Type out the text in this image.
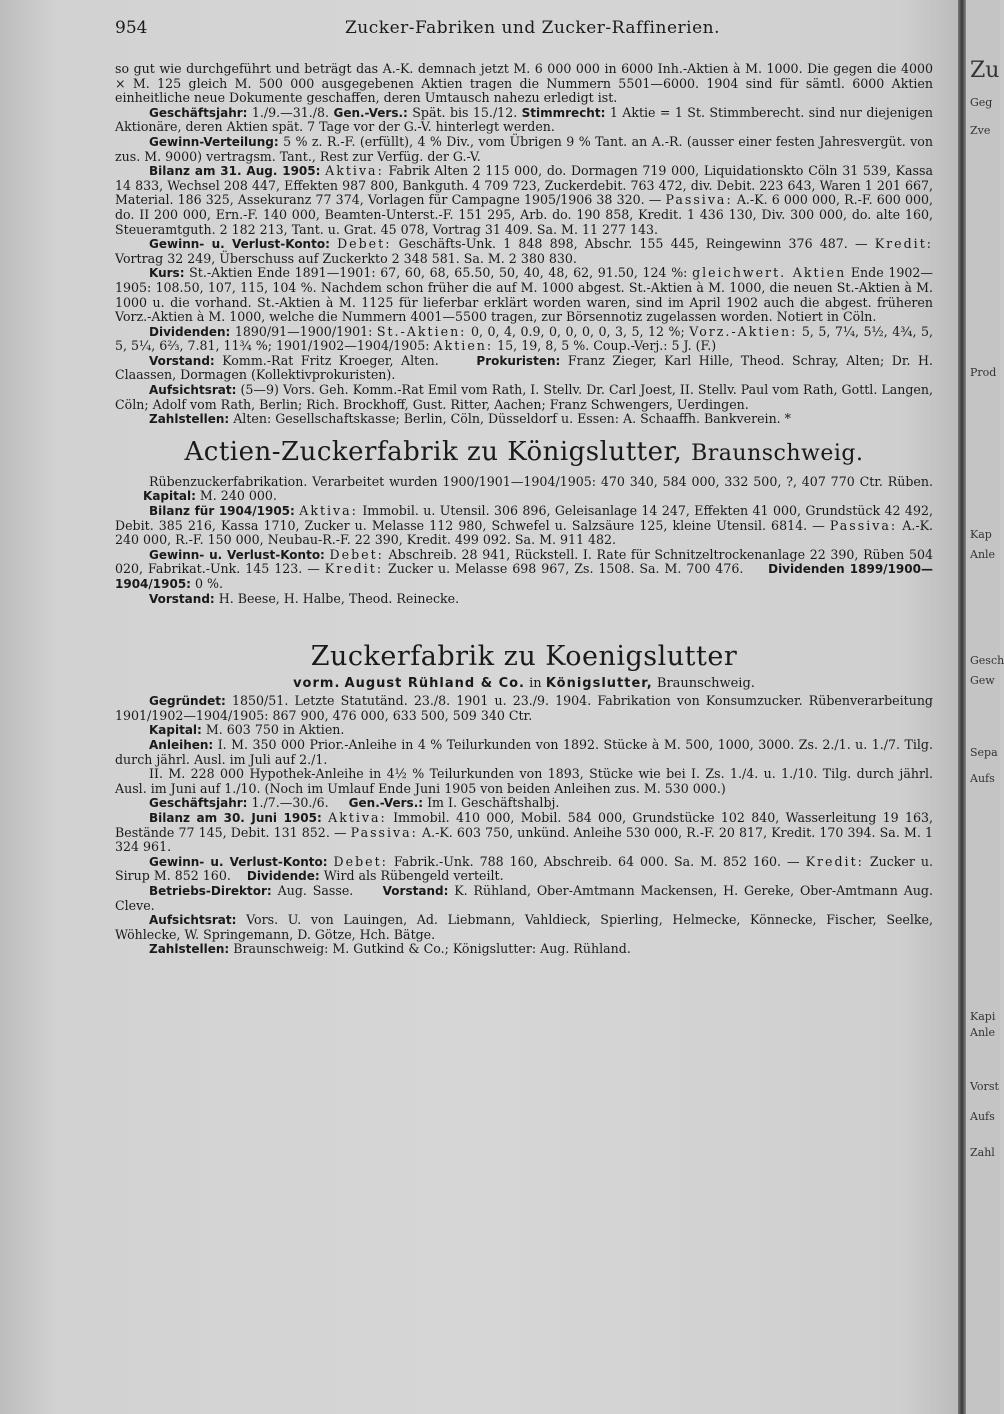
954	Zucker-Fabriken und Zucker-Raffinerien.

so gut wie durchgeführt und beträgt das A.-K. demnach jetzt M. 6 000 000 in 6000 Inh.-Aktien à M. 1000. Die gegen die 4000 × M. 125 gleich M. 500 000 ausgegebenen Aktien tragen die Nummern 5501—6000. 1904 sind für sämtl. 6000 Aktien einheitliche neue Dokumente geschaffen, deren Umtausch nahezu erledigt ist.

Geschäftsjahr: 1./9.—31./8. Gen.-Vers.: Spät. bis 15./12. Stimmrecht: 1 Aktie = 1 St. Stimmberecht. sind nur diejenigen Aktionäre, deren Aktien spät. 7 Tage vor der G.-V. hinterlegt werden.

Gewinn-Verteilung: 5 % z. R.-F. (erfüllt), 4 % Div., vom Übrigen 9 % Tant. an A.-R. (ausser einer festen Jahresvergüt. von zus. M. 9000) vertragsm. Tant., Rest zur Verfüg. der G.-V.

Bilanz am 31. Aug. 1905: Aktiva: Fabrik Alten 2 115 000, do. Dormagen 719 000, Liquidationskto Cöln 31 539, Kassa 14 833, Wechsel 208 447, Effekten 987 800, Bankguth. 4 709 723, Zuckerdebit. 763 472, div. Debit. 223 643, Waren 1 201 667, Material. 186 325, Assekuranz 77 374, Vorlagen für Campagne 1905/1906 38 320. — Passiva: A.-K. 6 000 000, R.-F. 600 000, do. II 200 000, Ern.-F. 140 000, Beamten-Unterst.-F. 151 295, Arb. do. 190 858, Kredit. 1 436 130, Div. 300 000, do. alte 160, Steueramtguth. 2 182 213, Tant. u. Grat. 45 078, Vortrag 31 409. Sa. M. 11 277 143.

Gewinn- u. Verlust-Konto: Debet: Geschäfts-Unk. 1 848 898, Abschr. 155 445, Reingewinn 376 487. — Kredit: Vortrag 32 249, Überschuss auf Zuckerkto 2 348 581. Sa. M. 2 380 830.

Kurs: St.-Aktien Ende 1891—1901: 67, 60, 68, 65.50, 50, 40, 48, 62, 91.50, 124 %: gleichwert. Aktien Ende 1902—1905: 108.50, 107, 115, 104 %. Nachdem schon früher die auf M. 1000 abgest. St.-Aktien à M. 1000, die neuen St.-Aktien à M. 1000 u. die vorhand. St.-Aktien à M. 1125 für lieferbar erklärt worden waren, sind im April 1902 auch die abgest. früheren Vorz.-Aktien à M. 1000, welche die Nummern 4001—5500 tragen, zur Börsennotiz zugelassen worden. Notiert in Cöln.

Dividenden: 1890/91—1900/1901: St.-Aktien: 0, 0, 4, 0.9, 0, 0, 0, 0, 3, 5, 12 %; Vorz.-Aktien: 5, 5, 7¼, 5½, 4¾, 5, 5, 5¼, 6⅔, 7.81, 11¾ %; 1901/1902—1904/1905: Aktien: 15, 19, 8, 5 %. Coup.-Verj.: 5 J. (F.)

Vorstand: Komm.-Rat Fritz Kroeger, Alten.	Prokuristen: Franz Zieger, Karl Hille, Theod. Schray, Alten; Dr. H. Claassen, Dormagen (Kollektivprokuristen).

Aufsichtsrat: (5—9) Vors. Geh. Komm.-Rat Emil vom Rath, I. Stellv. Dr. Carl Joest, II. Stellv. Paul vom Rath, Gottl. Langen, Cöln; Adolf vom Rath, Berlin; Rich. Brockhoff, Gust. Ritter, Aachen; Franz Schwengers, Uerdingen.

Zahlstellen: Alten: Gesellschaftskasse; Berlin, Cöln, Düsseldorf u. Essen: A. Schaaffh. Bankverein. *

Actien-Zuckerfabrik zu Königslutter, Braunschweig.

Rübenzuckerfabrikation. Verarbeitet wurden 1900/1901—1904/1905: 470 340, 584 000, 332 500, ?, 407 770 Ctr. Rüben.        Kapital: M. 240 000.

Bilanz für 1904/1905: Aktiva: Immobil. u. Utensil. 306 896, Geleisanlage 14 247, Effekten 41 000, Grundstück 42 492, Debit. 385 216, Kassa 1710, Zucker u. Melasse 112 980, Schwefel u. Salzsäure 125, kleine Utensil. 6814. — Passiva: A.-K. 240 000, R.-F. 150 000, Neubau-R.-F. 22 390, Kredit. 499 092. Sa. M. 911 482.

Gewinn- u. Verlust-Konto: Debet: Abschreib. 28 941, Rückstell. I. Rate für Schnitzeltrockenanlage 22 390, Rüben 504 020, Fabrikat.-Unk. 145 123. — Kredit: Zucker u. Melasse 698 967, Zs. 1508. Sa. M. 700 476. Dividenden 1899/1900—1904/1905: 0 %.

Vorstand: H. Beese, H. Halbe, Theod. Reinecke.

Zuckerfabrik zu Koenigslutter
vorm. August Rühland & Co. in Königslutter, Braunschweig.

Gegründet: 1850/51. Letzte Statutänd. 23./8. 1901 u. 23./9. 1904. Fabrikation von Konsumzucker. Rübenverarbeitung 1901/1902—1904/1905: 867 900, 476 000, 633 500, 509 340 Ctr.

Kapital: M. 603 750 in Aktien.

Anleihen: I. M. 350 000 Prior.-Anleihe in 4 % Teilurkunden von 1892. Stücke à M. 500, 1000, 3000. Zs. 2./1. u. 1./7. Tilg. durch jährl. Ausl. im Juli auf 2./1.

II. M. 228 000 Hypothek-Anleihe in 4½ % Teilurkunden von 1893, Stücke wie bei I. Zs. 1./4. u. 1./10. Tilg. durch jährl. Ausl. im Juni auf 1./10. (Noch im Umlauf Ende Juni 1905 von beiden Anleihen zus. M. 530 000.)

Geschäftsjahr: 1./7.—30./6. Gen.-Vers.: Im I. Geschäftshalbj.

Bilanz am 30. Juni 1905: Aktiva: Immobil. 410 000, Mobil. 584 000, Grundstücke 102 840, Wasserleitung 19 163, Bestände 77 145, Debit. 131 852. — Passiva: A.-K. 603 750, unkünd. Anleihe 530 000, R.-F. 20 817, Kredit. 170 394. Sa. M. 1 324 961.

Gewinn- u. Verlust-Konto: Debet: Fabrik.-Unk. 788 160, Abschreib. 64 000. Sa. M. 852 160. — Kredit: Zucker u. Sirup M. 852 160. Dividende: Wird als Rübengeld verteilt.

Betriebs-Direktor: Aug. Sasse. Vorstand: K. Rühland, Ober-Amtmann Mackensen, H. Gereke, Ober-Amtmann Aug. Cleve.

Aufsichtsrat: Vors. U. von Lauingen, Ad. Liebmann, Vahldieck, Spierling, Helmecke, Könnecke, Fischer, Seelke, Wöhlecke, W. Springemann, D. Götze, Hch. Bätge.

Zahlstellen: Braunschweig: M. Gutkind & Co.; Königslutter: Aug. Rühland.

Zu
Geg
Zve
Prod
Kap
Anle
Gesch
Gew
Sepa
Aufs
Kapi
Anle
Vorst
Aufs
Zahl
